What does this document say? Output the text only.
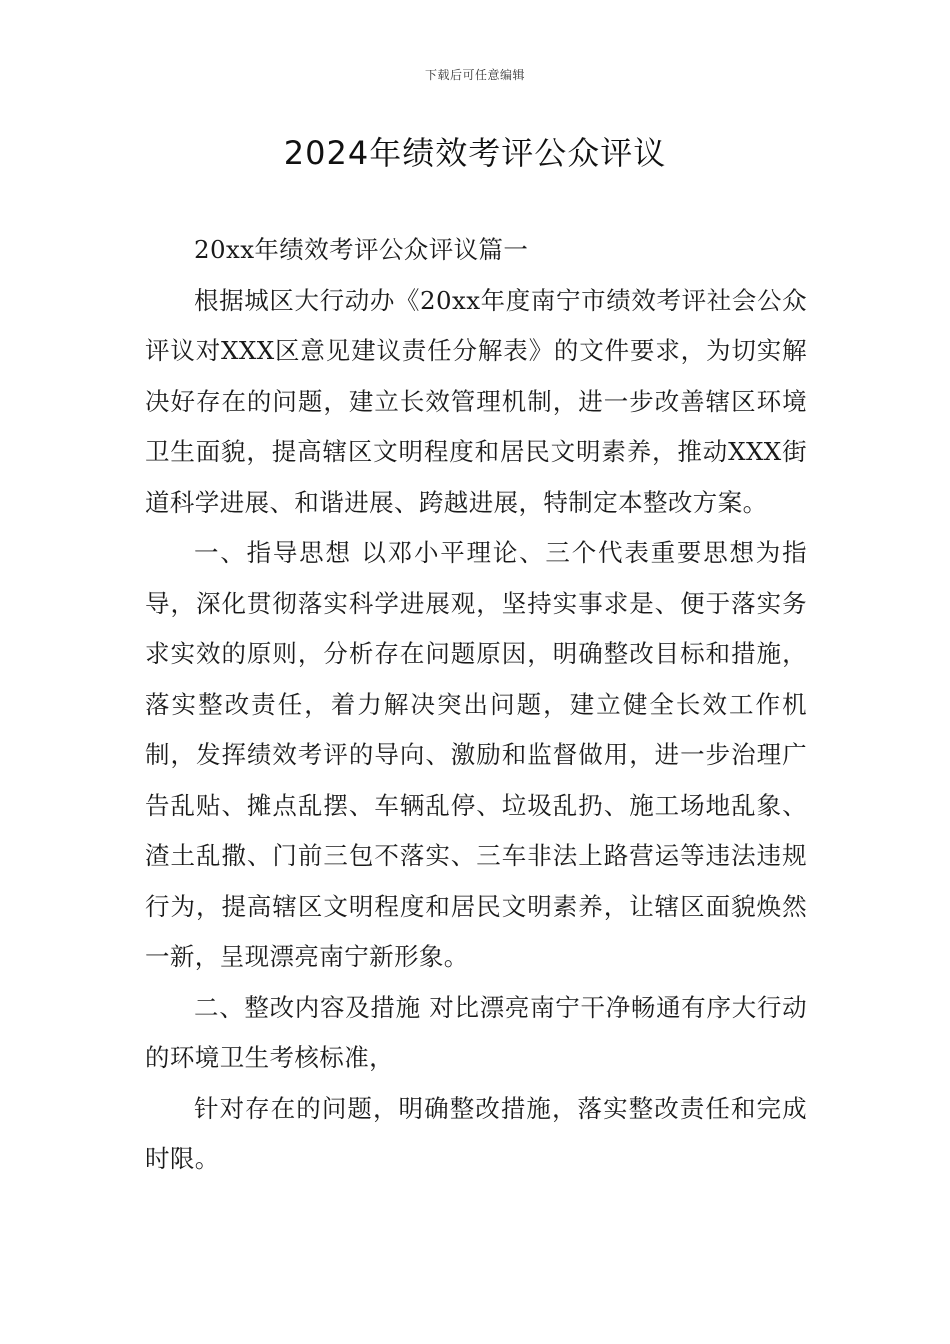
下载后可任意编辑
2024年绩效考评公众评议

20xx年绩效考评公众评议篇一

根据城区大行动办《20xx年度南宁市绩效考评社会公众评议对XXX区意见建议责任分解表》的文件要求，为切实解决好存在的问题，建立长效管理机制，进一步改善辖区环境卫生面貌，提高辖区文明程度和居民文明素养，推动XXX街道科学进展、和谐进展、跨越进展，特制定本整改方案。

一、指导思想 以邓小平理论、三个代表重要思想为指导，深化贯彻落实科学进展观，坚持实事求是、便于落实务求实效的原则，分析存在问题原因，明确整改目标和措施，落实整改责任，着力解决突出问题，建立健全长效工作机制，发挥绩效考评的导向、激励和监督做用，进一步治理广告乱贴、摊点乱摆、车辆乱停、垃圾乱扔、施工场地乱象、渣土乱撒、门前三包不落实、三车非法上路营运等违法违规行为，提高辖区文明程度和居民文明素养，让辖区面貌焕然一新，呈现漂亮南宁新形象。

二、整改内容及措施 对比漂亮南宁干净畅通有序大行动的环境卫生考核标准，

针对存在的问题，明确整改措施，落实整改责任和完成时限。
